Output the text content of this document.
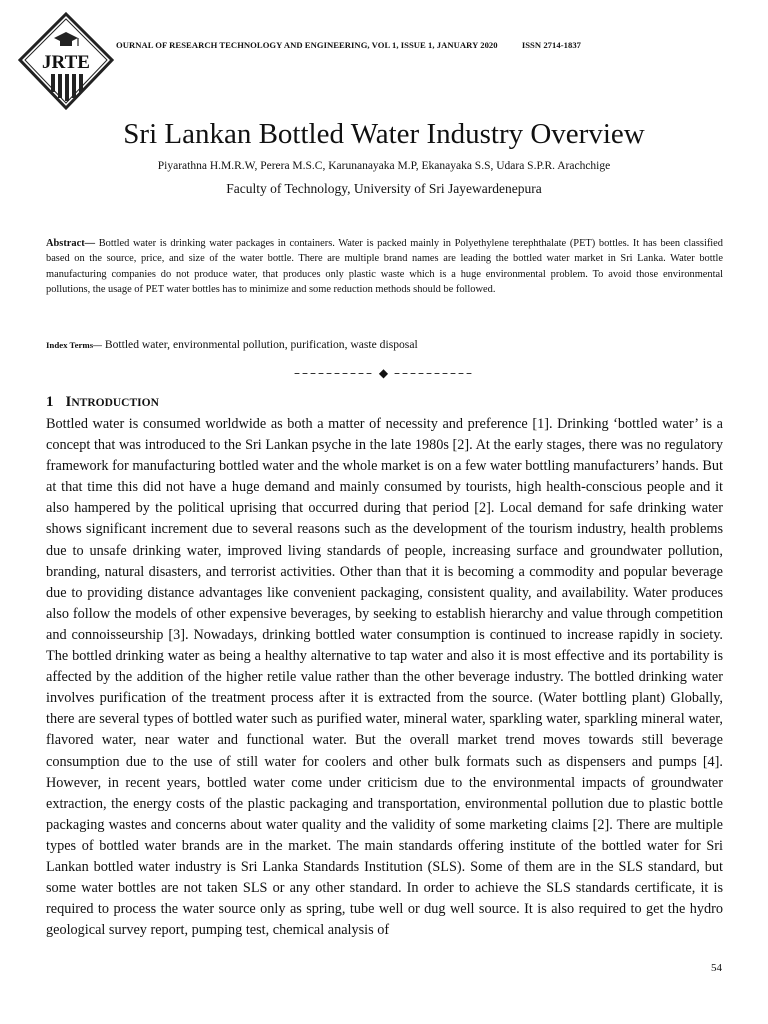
JRTE
OURNAL OF RESEARCH TECHNOLOGY AND ENGINEERING, VOL 1, ISSUE 1, JANUARY 2020	ISSN 2714-1837
Sri Lankan Bottled Water Industry Overview
Piyarathna H.M.R.W, Perera M.S.C, Karunanayaka M.P, Ekanayaka S.S, Udara S.P.R. Arachchige
Faculty of Technology, University of Sri Jayewardenepura

Abstract— Bottled water is drinking water packages in containers. Water is packed mainly in Polyethylene terephthalate (PET) bottles. It has been classified based on the source, price, and size of the water bottle. There are multiple brand names are leading the bottled water market in Sri Lanka. Water bottle manufacturing companies do not produce water, that produces only plastic waste which is a huge environmental problem. To avoid those environmental pollutions, the usage of PET water bottles has to minimize and some reduction methods should be followed.

Index Terms— Bottled water, environmental pollution, purification, waste disposal
–––––––––– ◆ ––––––––––
1 INTRODUCTION

Bottled water is consumed worldwide as both a matter of necessity and preference [1]. Drinking ‘bottled water’ is a concept that was introduced to the Sri Lankan psyche in the late 1980s [2]. At the early stages, there was no regulatory framework for manufacturing bottled water and the whole market is on a few water bottling manufacturers’ hands. But at that time this did not have a huge demand and mainly consumed by tourists, high health-conscious people and it also hampered by the political uprising that occurred during that period [2]. Local demand for safe drinking water shows significant increment due to several reasons such as the development of the tourism industry, health problems due to unsafe drinking water, improved living standards of people, increasing surface and groundwater pollution, branding, natural disasters, and terrorist activities. Other than that it is becoming a commodity and popular beverage due to providing distance advantages like convenient packaging, consistent quality, and availability. Water produces also follow the models of other expensive beverages, by seeking to establish hierarchy and value through competition and connoisseurship [3]. Nowadays, drinking bottled water consumption is continued to increase rapidly in society. The bottled drinking water as being a healthy alternative to tap water and also it is most effective and its portability is affected by the addition of the higher retile value rather than the other beverage industry. The bottled drinking water involves purification of the treatment process after it is extracted from the source. (Water bottling plant) Globally, there are several types of bottled water such as purified water, mineral water, sparkling water, sparkling mineral water, flavored water, near water and functional water. But the overall market trend moves towards still beverage consumption due to the use of still water for coolers and other bulk formats such as dispensers and pumps [4]. However, in recent years, bottled water come under criticism due to the environmental impacts of groundwater extraction, the energy costs of the plastic packaging and transportation, environmental pollution due to plastic bottle packaging wastes and concerns about water quality and the validity of some marketing claims [2]. There are multiple types of bottled water brands are in the market. The main standards offering institute of the bottled water for Sri Lankan bottled water industry is Sri Lanka Standards Institution (SLS). Some of them are in the SLS standard, but some water bottles are not taken SLS or any other standard. In order to achieve the SLS standards certificate, it is required to process the water source only as spring, tube well or dug well source. It is also required to get the hydro geological survey report, pumping test, chemical analysis of

54
